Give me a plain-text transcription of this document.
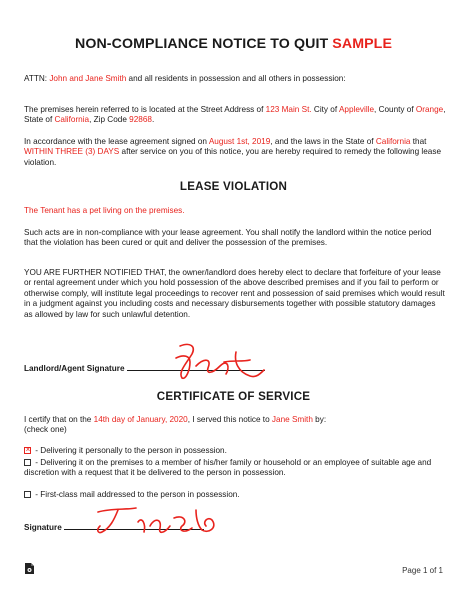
NON-COMPLIANCE NOTICE TO QUIT SAMPLE
ATTN: John and Jane Smith and all residents in possession and all others in possession:
The premises herein referred to is located at the Street Address of 123 Main St. City of Appleville, County of Orange, State of California, Zip Code 92868.
In accordance with the lease agreement signed on August 1st, 2019, and the laws in the State of California that WITHIN THREE (3) DAYS after service on you of this notice, you are hereby required to remedy the following lease violation.
LEASE VIOLATION
The Tenant has a pet living on the premises.
Such acts are in non-compliance with your lease agreement. You shall notify the landlord within the notice period that the violation has been cured or quit and deliver the possession of the premises.
YOU ARE FURTHER NOTIFIED THAT, the owner/landlord does hereby elect to declare that forfeiture of your lease or rental agreement under which you hold possession of the above described premises and if you fail to perform or otherwise comply, will institute legal proceedings to recover rent and possession of said premises which would result in a judgment against you including costs and necessary disbursements together with possible statutory damages as allowed by law for such unlawful detention.
Landlord/Agent Signature
CERTIFICATE OF SERVICE
I certify that on the 14th day of January, 2020, I served this notice to Jane Smith by:
(check one)
× - Delivering it personally to the person in possession.
- Delivering it on the premises to a member of his/her family or household or an employee of suitable age and discretion with a request that it be delivered to the person in possession.
- First-class mail addressed to the person in possession.
Signature
Page 1 of 1
